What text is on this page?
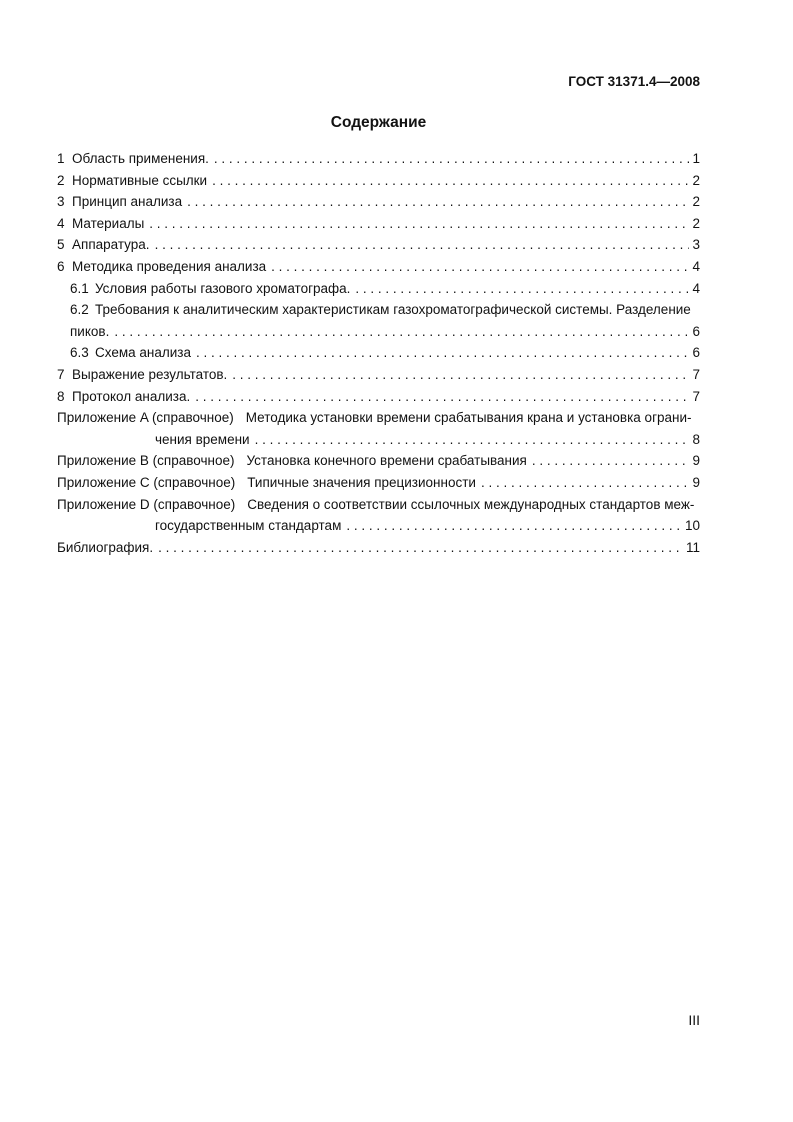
ГОСТ 31371.4—2008
Содержание
1 Область применения. . . .	1
2 Нормативные ссылки . . .	2
3 Принцип анализа . . .	2
4 Материалы . . .	2
5 Аппаратура. . . .	3
6 Методика проведения анализа . . .	4
6.1 Условия работы газового хроматографа. . . .	4
6.2 Требования к аналитическим характеристикам газохроматографической системы. Разделение
пиков. . . .	6
6.3 Схема анализа . . .	6
7 Выражение результатов. . . .	7
8 Протокол анализа. . . .	7
Приложение A (справочное) Методика установки времени срабатывания крана и установка ограни-
чения времени . . .	8
Приложение B (справочное) Установка конечного времени срабатывания . . .	9
Приложение C (справочное) Типичные значения прецизионности . . .	9
Приложение D (справочное) Сведения о соответствии ссылочных международных стандартов меж-
государственным стандартам . . .	10
Библиография. . . .	11
III
